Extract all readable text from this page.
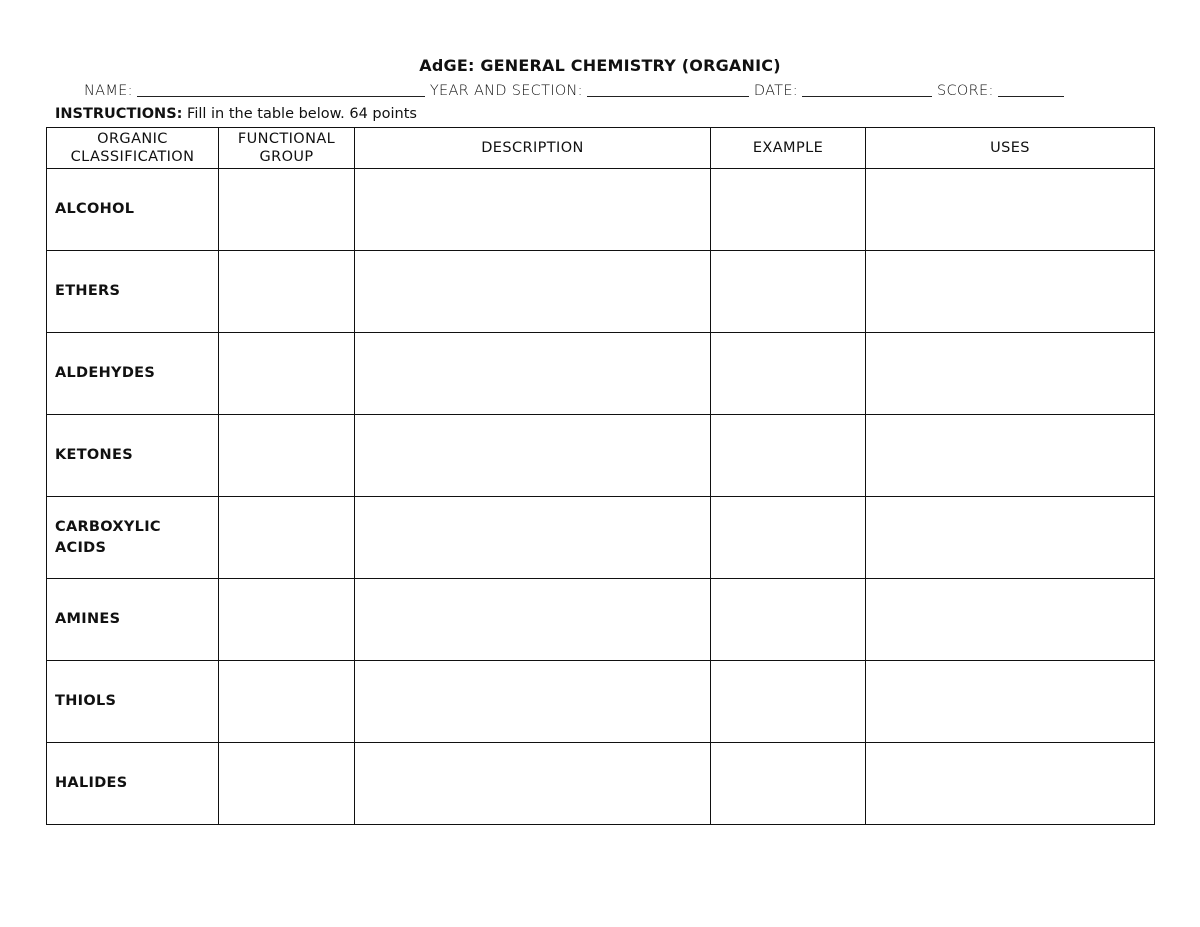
AdGE: GENERAL CHEMISTRY (ORGANIC)
NAME:	YEAR AND SECTION:	DATE:	SCORE:
INSTRUCTIONS: Fill in the table below. 64 points
ORGANIC CLASSIFICATION	FUNCTIONAL GROUP	DESCRIPTION	EXAMPLE	USES
ALCOHOL				
ETHERS				
ALDEHYDES				
KETONES				
CARBOXYLIC ACIDS				
AMINES				
THIOLS				
HALIDES				
